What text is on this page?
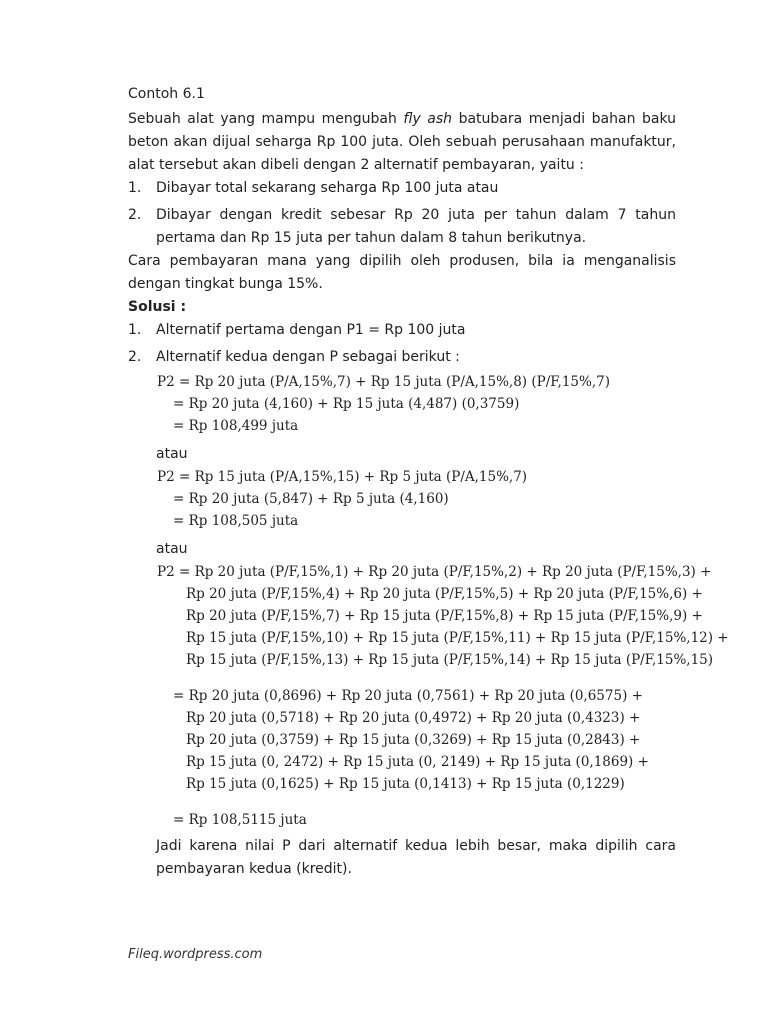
Contoh 6.1

Sebuah alat yang mampu mengubah fly ash batubara menjadi bahan baku beton akan dijual seharga Rp 100 juta. Oleh sebuah perusahaan manufaktur, alat tersebut akan dibeli dengan 2 alternatif pembayaran, yaitu :

1.	Dibayar total sekarang seharga Rp 100 juta atau
2.	Dibayar dengan kredit sebesar Rp 20 juta per tahun dalam 7 tahun pertama dan Rp 15 juta per tahun dalam 8 tahun berikutnya.

Cara pembayaran mana yang dipilih oleh produsen, bila ia menganalisis dengan tingkat bunga 15%.

Solusi :

1.	Alternatif pertama dengan P1 = Rp 100 juta
2.	Alternatif kedua dengan P sebagai berikut :
P2 = Rp 20 juta (P/A,15%,7) + Rp 15 juta (P/A,15%,8) (P/F,15%,7)
= Rp 20 juta (4,160) + Rp 15 juta (4,487) (0,3759)
= Rp 108,499 juta
atau
P2 = Rp 15 juta (P/A,15%,15) + Rp 5 juta (P/A,15%,7)
= Rp 20 juta (5,847) + Rp 5 juta (4,160)
= Rp 108,505 juta
atau
P2 = Rp 20 juta (P/F,15%,1) + Rp 20 juta (P/F,15%,2) + Rp 20 juta (P/F,15%,3) +
Rp 20 juta (P/F,15%,4) + Rp 20 juta (P/F,15%,5) + Rp 20 juta (P/F,15%,6) +
Rp 20 juta (P/F,15%,7) + Rp 15 juta (P/F,15%,8) + Rp 15 juta (P/F,15%,9) +
Rp 15 juta (P/F,15%,10) + Rp 15 juta (P/F,15%,11) + Rp 15 juta (P/F,15%,12) +
Rp 15 juta (P/F,15%,13) + Rp 15 juta (P/F,15%,14) + Rp 15 juta (P/F,15%,15)
= Rp 20 juta (0,8696) + Rp 20 juta (0,7561) + Rp 20 juta (0,6575) +
Rp 20 juta (0,5718) + Rp 20 juta (0,4972) + Rp 20 juta (0,4323) +
Rp 20 juta (0,3759) + Rp 15 juta (0,3269) + Rp 15 juta (0,2843) +
Rp 15 juta (0, 2472) + Rp 15 juta (0, 2149) + Rp 15 juta (0,1869) +
Rp 15 juta (0,1625) + Rp 15 juta (0,1413) + Rp 15 juta (0,1229)
= Rp 108,5115 juta

Jadi karena nilai P dari alternatif kedua lebih besar, maka dipilih cara pembayaran kedua (kredit).

Fileq.wordpress.com
